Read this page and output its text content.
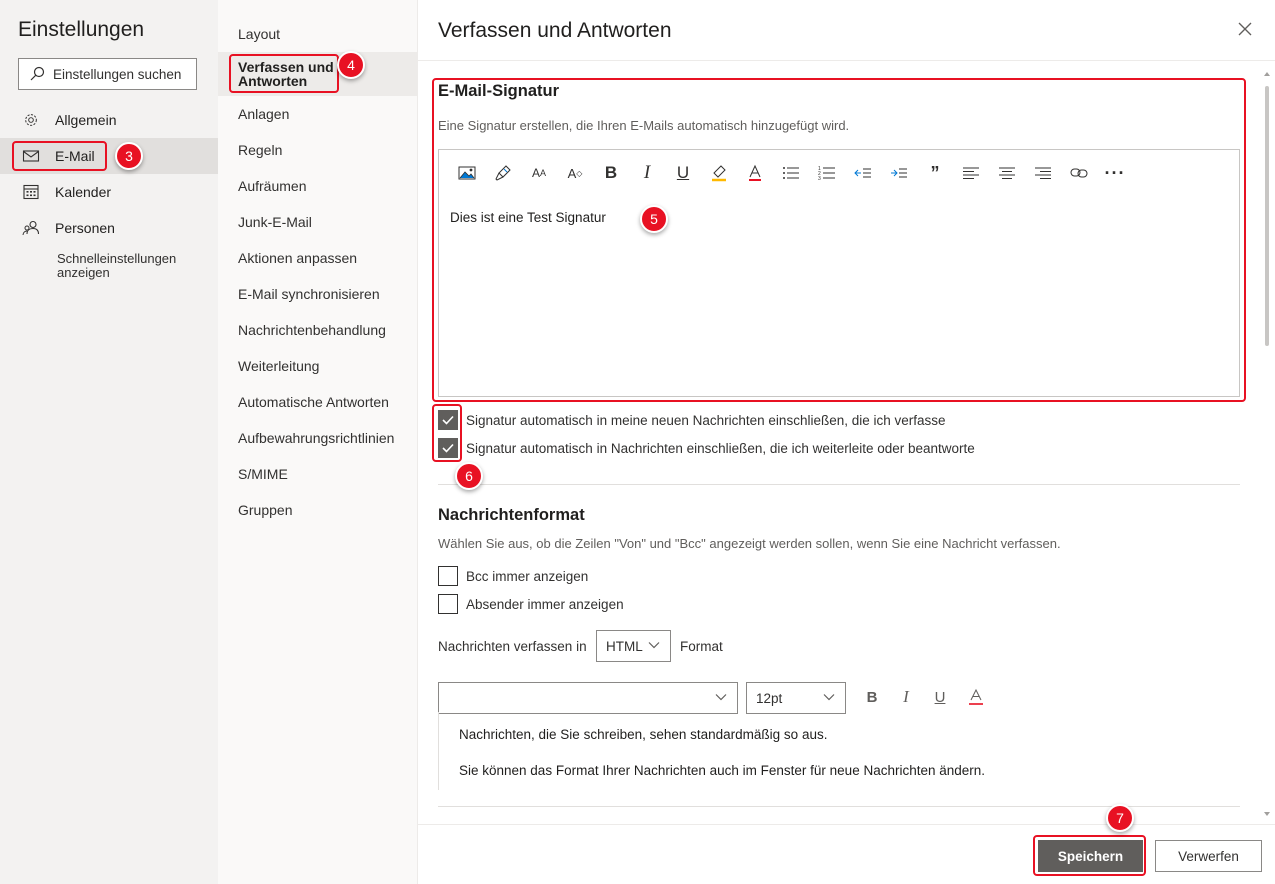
Einstellungen
Einstellungen suchen
Allgemein
E-Mail
Kalender
Personen
Schnelleinstellungen anzeigen
Layout
Verfassen und Antworten
Anlagen
Regeln
Aufräumen
Junk-E-Mail
Aktionen anpassen
E-Mail synchronisieren
Nachrichtenbehandlung
Weiterleitung
Automatische Antworten
Aufbewahrungsrichtlinien
S/MIME
Gruppen
Verfassen und Antworten
E-Mail-Signatur
Eine Signatur erstellen, die Ihren E-Mails automatisch hinzugefügt wird.
A A	A ◇	B	I	U	1
2
3	”	···
Dies ist eine Test Signatur
Signatur automatisch in meine neuen Nachrichten einschließen, die ich verfasse
Signatur automatisch in Nachrichten einschließen, die ich weiterleite oder beantworte
Nachrichtenformat
Wählen Sie aus, ob die Zeilen "Von" und "Bcc" angezeigt werden sollen, wenn Sie eine Nachricht verfassen.
Bcc immer anzeigen
Absender immer anzeigen
Nachrichten verfassen in HTML	Format
12pt	B	I	U

Nachrichten, die Sie schreiben, sehen standardmäßig so aus.

Sie können das Format Ihrer Nachrichten auch im Fenster für neue Nachrichten ändern.

Speichern	Verwerfen
3
4
5
6
7
